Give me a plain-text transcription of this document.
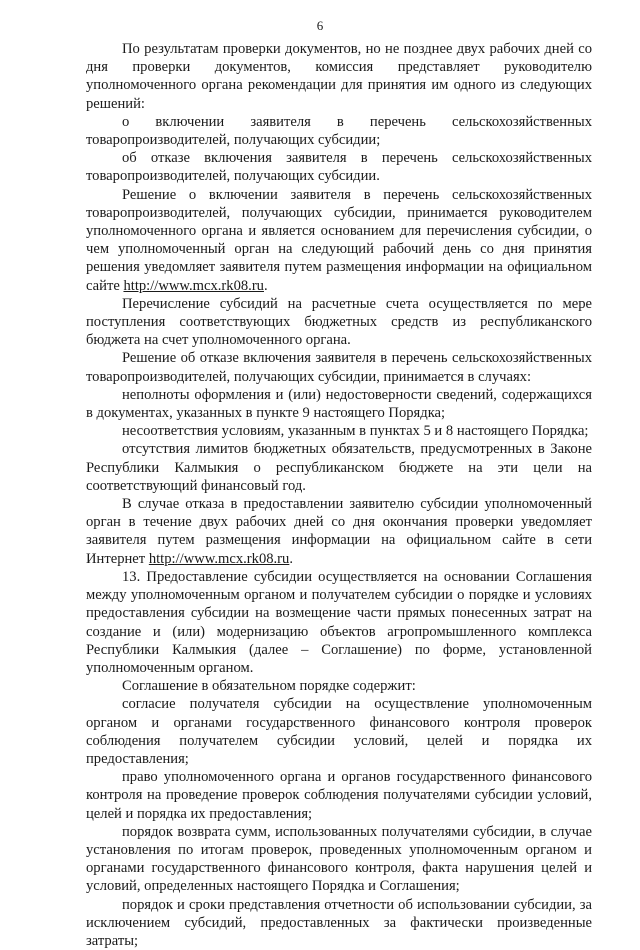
6

По результатам проверки документов, но не позднее двух рабочих дней со дня проверки документов, комиссия представляет руководителю уполномоченного органа рекомендации для принятия им одного из следующих решений:

о включении заявителя в перечень сельскохозяйственных товаропроизводителей, получающих субсидии;

об отказе включения заявителя в перечень сельскохозяйственных товаропроизводителей, получающих субсидии.

Решение о включении заявителя в перечень сельскохозяйственных товаропроизводителей, получающих субсидии, принимается руководителем уполномоченного органа и является основанием для перечисления субсидии, о чем уполномоченный орган на следующий рабочий день со дня принятия решения уведомляет заявителя путем размещения информации на официальном сайте http://www.mcx.rk08.ru.

Перечисление субсидий на расчетные счета осуществляется по мере поступления соответствующих бюджетных средств из республиканского бюджета на счет уполномоченного органа.

Решение об отказе включения заявителя в перечень сельскохозяйственных товаропроизводителей, получающих субсидии, принимается в случаях:

неполноты оформления и (или) недостоверности сведений, содержащихся в документах, указанных в пункте 9 настоящего Порядка;

несоответствия условиям, указанным в пунктах 5 и 8 настоящего Порядка;

отсутствия лимитов бюджетных обязательств, предусмотренных в Законе Республики Калмыкия о республиканском бюджете на эти цели на соответствующий финансовый год.

В случае отказа в предоставлении заявителю субсидии уполномоченный орган в течение двух рабочих дней со дня окончания проверки уведомляет заявителя путем размещения информации на официальном сайте в сети Интернет http://www.mcx.rk08.ru.

13. Предоставление субсидии осуществляется на основании Соглашения между уполномоченным органом и получателем субсидии о порядке и условиях предоставления субсидии на возмещение части прямых понесенных затрат на создание и (или) модернизацию объектов агропромышленного комплекса Республики Калмыкия (далее – Соглашение) по форме, установленной уполномоченным органом.

Соглашение в обязательном порядке содержит:

согласие получателя субсидии на осуществление уполномоченным органом и органами государственного финансового контроля проверок соблюдения получателем субсидии условий, целей и порядка их предоставления;

право уполномоченного органа и органов государственного финансового контроля на проведение проверок соблюдения получателями субсидии условий, целей и порядка их предоставления;

порядок возврата сумм, использованных получателями субсидии, в случае установления по итогам проверок, проведенных уполномоченным органом и органами государственного финансового контроля, факта нарушения целей и условий, определенных настоящего Порядка и Соглашения;

порядок и сроки представления отчетности об использовании субсидии, за исключением субсидий, предоставленных за фактически произведенные затраты;
